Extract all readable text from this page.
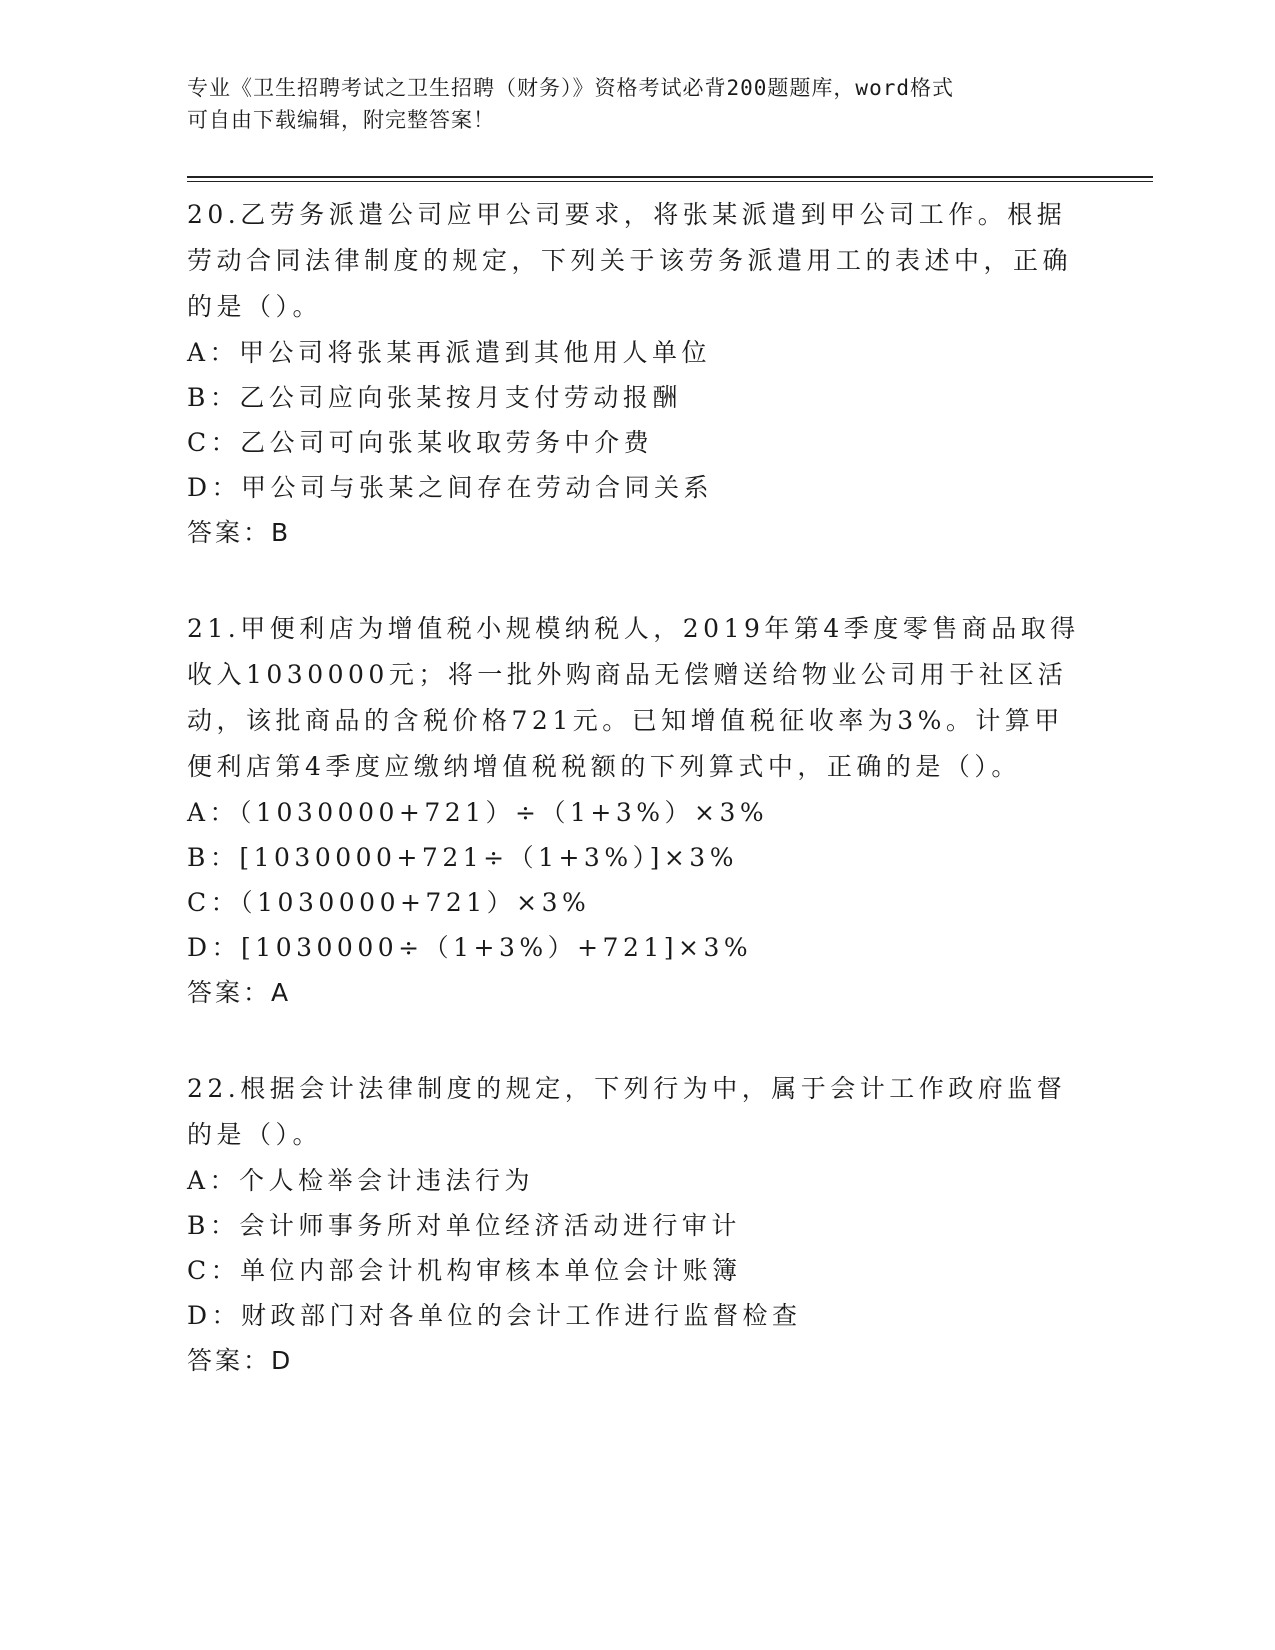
专业《卫生招聘考试之卫生招聘（财务）》资格考试必背200题题库，word格式
可自由下载编辑，附完整答案！

20.乙劳务派遣公司应甲公司要求，将张某派遣到甲公司工作。根据劳动合同法律制度的规定，下列关于该劳务派遣用工的表述中，正确的是（）。

A：甲公司将张某再派遣到其他用人单位

B：乙公司应向张某按月支付劳动报酬

C：乙公司可向张某收取劳务中介费

D：甲公司与张某之间存在劳动合同关系

答案：B

21.甲便利店为增值税小规模纳税人，2019年第4季度零售商品取得收入1030000元；将一批外购商品无偿赠送给物业公司用于社区活动，该批商品的含税价格721元。已知增值税征收率为3%。计算甲便利店第4季度应缴纳增值税税额的下列算式中，正确的是（）。

A：（1030000+721）÷（1+3%）×3%

B：[1030000+721÷（1+3%）]×3%

C：（1030000+721）×3%

D：[1030000÷（1+3%）+721]×3%

答案：A

22.根据会计法律制度的规定，下列行为中，属于会计工作政府监督的是（）。

A：个人检举会计违法行为

B：会计师事务所对单位经济活动进行审计

C：单位内部会计机构审核本单位会计账簿

D：财政部门对各单位的会计工作进行监督检查

答案：D
